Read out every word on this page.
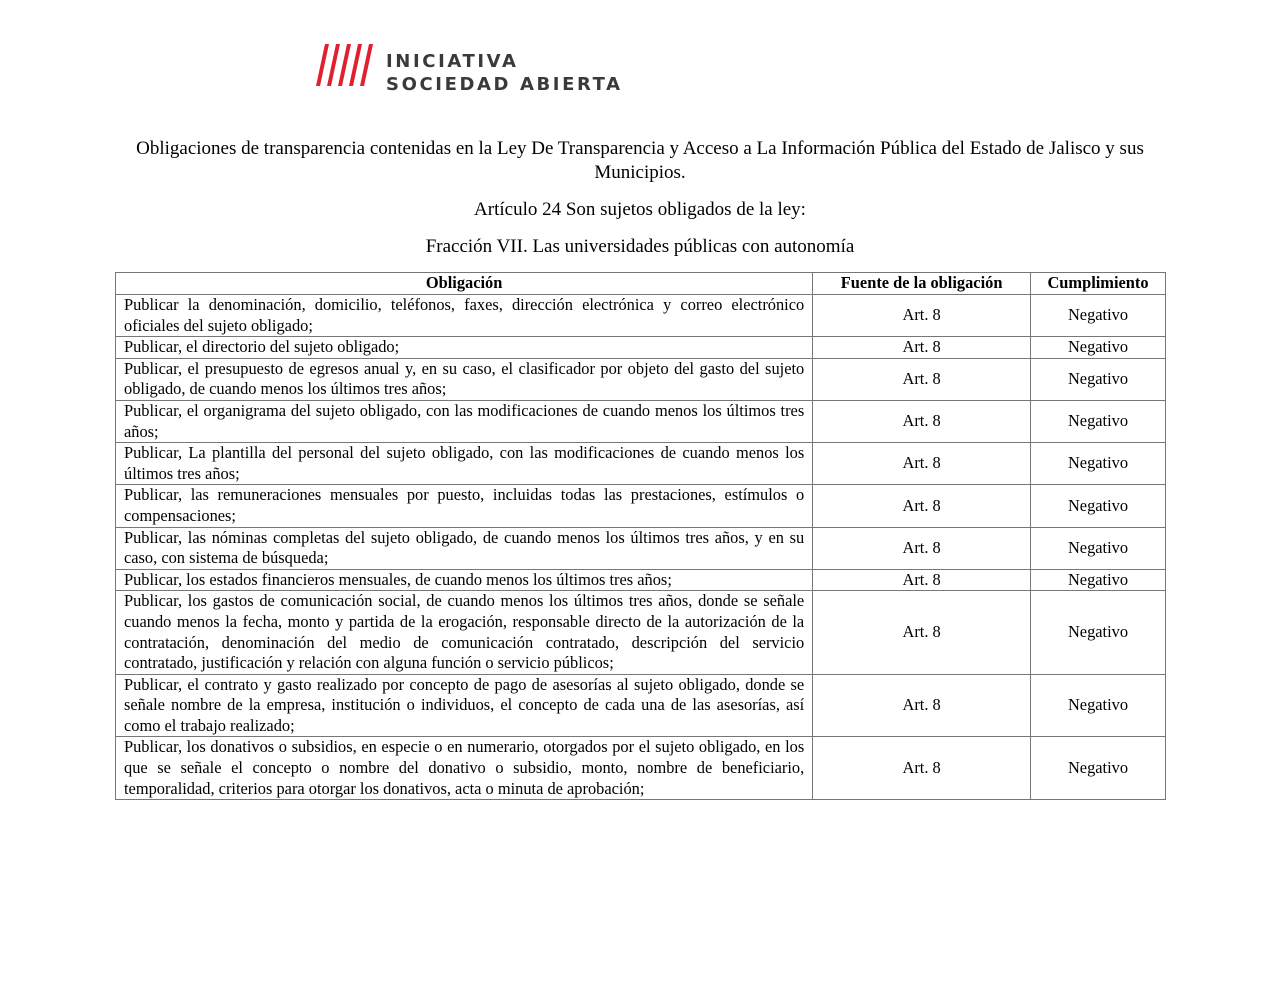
INICIATIVA
SOCIEDAD ABIERTA

Obligaciones de transparencia contenidas en la Ley De Transparencia y Acceso a La Información Pública del Estado de Jalisco y sus Municipios.

Artículo 24 Son sujetos obligados de la ley:

Fracción VII. Las universidades públicas con autonomía

Obligación	Fuente de la obligación	Cumplimiento
Publicar la denominación, domicilio, teléfonos, faxes, dirección electrónica y correo electrónico oficiales del sujeto obligado;	Art. 8	Negativo
Publicar, el directorio del sujeto obligado;	Art. 8	Negativo
Publicar, el presupuesto de egresos anual y, en su caso, el clasificador por objeto del gasto del sujeto obligado, de cuando menos los últimos tres años;	Art. 8	Negativo
Publicar, el organigrama del sujeto obligado, con las modificaciones de cuando menos los últimos tres años;	Art. 8	Negativo
Publicar, La plantilla del personal del sujeto obligado, con las modificaciones de cuando menos los últimos tres años;	Art. 8	Negativo
Publicar, las remuneraciones mensuales por puesto, incluidas todas las prestaciones, estímulos o compensaciones;	Art. 8	Negativo
Publicar, las nóminas completas del sujeto obligado, de cuando menos los últimos tres años, y en su caso, con sistema de búsqueda;	Art. 8	Negativo
Publicar, los estados financieros mensuales, de cuando menos los últimos tres años;	Art. 8	Negativo
Publicar, los gastos de comunicación social, de cuando menos los últimos tres años, donde se señale cuando menos la fecha, monto y partida de la erogación, responsable directo de la autorización de la contratación, denominación del medio de comunicación contratado, descripción del servicio contratado, justificación y relación con alguna función o servicio públicos;	Art. 8	Negativo
Publicar, el contrato y gasto realizado por concepto de pago de asesorías al sujeto obligado, donde se señale nombre de la empresa, institución o individuos, el concepto de cada una de las asesorías, así como el trabajo realizado;	Art. 8	Negativo
Publicar, los donativos o subsidios, en especie o en numerario, otorgados por el sujeto obligado, en los que se señale el concepto o nombre del donativo o subsidio, monto, nombre de beneficiario, temporalidad, criterios para otorgar los donativos, acta o minuta de aprobación;	Art. 8	Negativo
